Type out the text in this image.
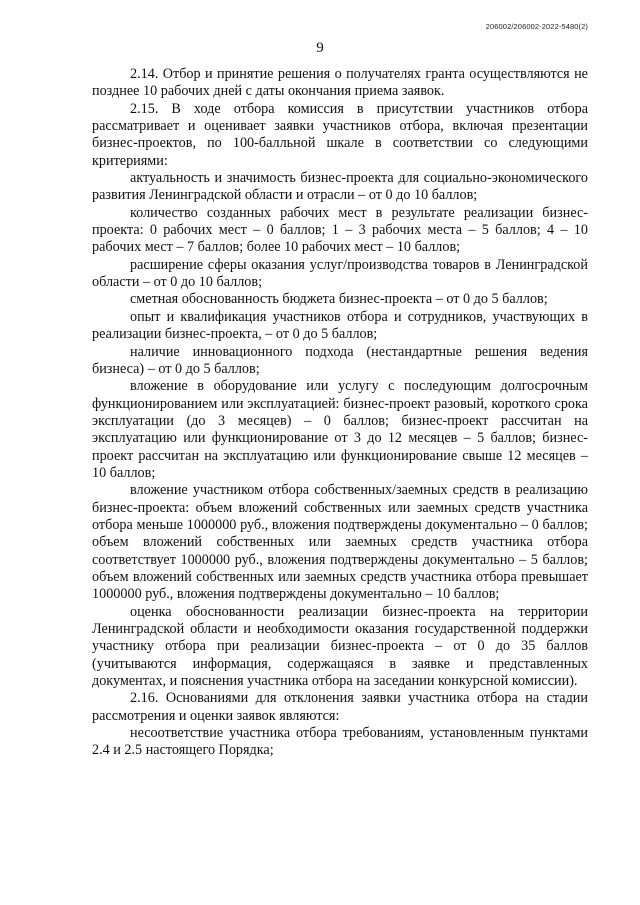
206002/206002-2022-5480(2)
9

2.14. Отбор и принятие решения о получателях гранта осуществляются не позднее 10 рабочих дней с даты окончания приема заявок.

2.15. В ходе отбора комиссия в присутствии участников отбора рассматривает и оценивает заявки участников отбора, включая презентации бизнес-проектов, по 100-балльной шкале в соответствии со следующими критериями:

актуальность и значимость бизнес-проекта для социально-экономического развития Ленинградской области и отрасли – от 0 до 10 баллов;

количество созданных рабочих мест в результате реализации бизнес-проекта: 0 рабочих мест – 0 баллов; 1 – 3 рабочих места – 5 баллов; 4 – 10 рабочих мест – 7 баллов; более 10 рабочих мест – 10 баллов;

расширение сферы оказания услуг/производства товаров в Ленинградской области – от 0 до 10 баллов;

сметная обоснованность бюджета бизнес-проекта – от 0 до 5 баллов;

опыт и квалификация участников отбора и сотрудников, участвующих в реализации бизнес-проекта, – от 0 до 5 баллов;

наличие инновационного подхода (нестандартные решения ведения бизнеса) – от 0 до 5 баллов;

вложение в оборудование или услугу с последующим долгосрочным функционированием или эксплуатацией: бизнес-проект разовый, короткого срока эксплуатации (до 3 месяцев) – 0 баллов; бизнес-проект рассчитан на эксплуатацию или функционирование от 3 до 12 месяцев – 5 баллов; бизнес-проект рассчитан на эксплуатацию или функционирование свыше 12 месяцев – 10 баллов;

вложение участником отбора собственных/заемных средств в реализацию бизнес-проекта: объем вложений собственных или заемных средств участника отбора меньше 1000000 руб., вложения подтверждены документально – 0 баллов; объем вложений собственных или заемных средств участника отбора соответствует 1000000 руб., вложения подтверждены документально – 5 баллов; объем вложений собственных или заемных средств участника отбора превышает 1000000 руб., вложения подтверждены документально – 10 баллов;

оценка обоснованности реализации бизнес-проекта на территории Ленинградской области и необходимости оказания государственной поддержки участнику отбора при реализации бизнес-проекта – от 0 до 35 баллов (учитываются информация, содержащаяся в заявке и представленных документах, и пояснения участника отбора на заседании конкурсной комиссии).

2.16. Основаниями для отклонения заявки участника отбора на стадии рассмотрения и оценки заявок являются:

несоответствие участника отбора требованиям, установленным пунктами 2.4 и 2.5 настоящего Порядка;
